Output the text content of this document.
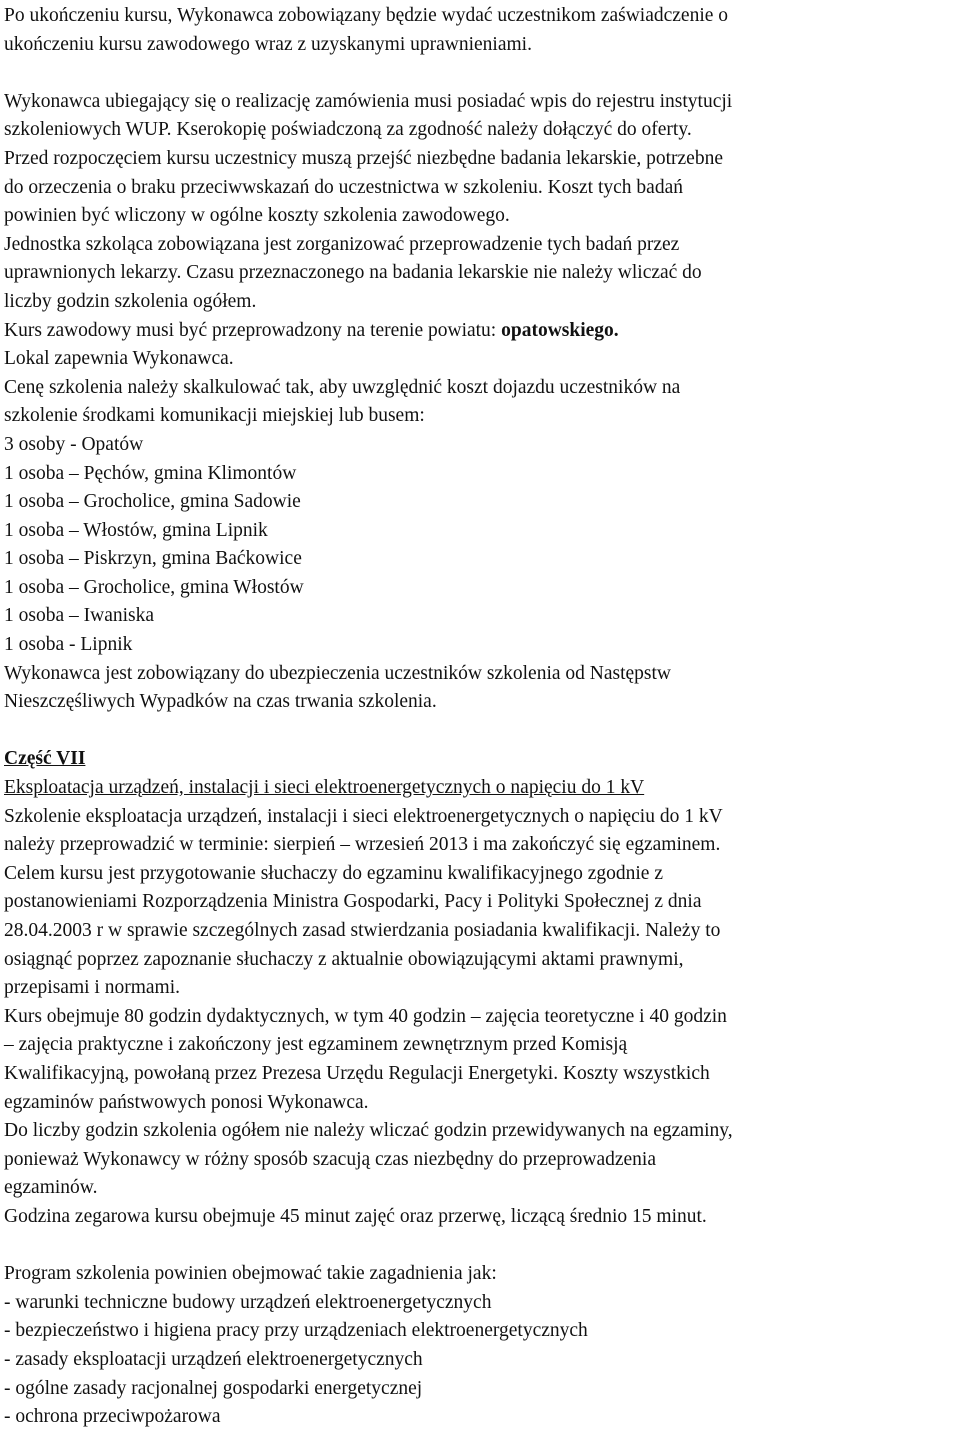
Po ukończeniu kursu, Wykonawca zobowiązany będzie wydać uczestnikom zaświadczenie o
ukończeniu kursu zawodowego wraz z uzyskanymi uprawnieniami.
Wykonawca ubiegający się o realizację zamówienia musi posiadać wpis do rejestru instytucji
szkoleniowych WUP. Kserokopię poświadczoną za zgodność należy dołączyć do oferty.
Przed rozpoczęciem kursu uczestnicy muszą przejść niezbędne badania lekarskie, potrzebne
do orzeczenia o braku przeciwwskazań do uczestnictwa w szkoleniu. Koszt tych badań
powinien być wliczony w ogólne koszty szkolenia zawodowego.
Jednostka szkoląca zobowiązana jest zorganizować przeprowadzenie tych badań przez
uprawnionych lekarzy. Czasu przeznaczonego na badania lekarskie nie należy wliczać do
liczby godzin szkolenia ogółem.
Kurs zawodowy musi być przeprowadzony na terenie powiatu: opatowskiego.
Lokal zapewnia Wykonawca.
Cenę szkolenia należy skalkulować tak, aby uwzględnić koszt dojazdu uczestników na
szkolenie środkami komunikacji miejskiej lub busem:
3 osoby - Opatów
1 osoba – Pęchów, gmina Klimontów
1 osoba – Grocholice, gmina Sadowie
1 osoba – Włostów, gmina Lipnik
1 osoba – Piskrzyn, gmina Baćkowice
1 osoba – Grocholice, gmina Włostów
1 osoba – Iwaniska
1 osoba - Lipnik
Wykonawca jest zobowiązany do ubezpieczenia uczestników szkolenia od Następstw
Nieszczęśliwych Wypadków na czas trwania szkolenia.
Część VII
Eksploatacja urządzeń, instalacji i sieci elektroenergetycznych o napięciu do 1 kV
Szkolenie eksploatacja urządzeń, instalacji i sieci elektroenergetycznych o napięciu do 1 kV
należy przeprowadzić w terminie: sierpień – wrzesień 2013 i ma zakończyć się egzaminem.
Celem kursu jest przygotowanie słuchaczy do egzaminu kwalifikacyjnego zgodnie z
postanowieniami Rozporządzenia Ministra Gospodarki, Pacy i Polityki Społecznej z dnia
28.04.2003 r w sprawie szczególnych zasad stwierdzania posiadania kwalifikacji. Należy to
osiągnąć poprzez zapoznanie słuchaczy z aktualnie obowiązującymi aktami prawnymi,
przepisami i normami.
Kurs obejmuje 80 godzin dydaktycznych, w tym 40 godzin – zajęcia teoretyczne i 40 godzin
– zajęcia praktyczne i zakończony jest egzaminem zewnętrznym przed Komisją
Kwalifikacyjną, powołaną przez Prezesa Urzędu Regulacji Energetyki. Koszty wszystkich
egzaminów państwowych ponosi Wykonawca.
Do liczby godzin szkolenia ogółem nie należy wliczać godzin przewidywanych na egzaminy,
ponieważ Wykonawcy w różny sposób szacują czas niezbędny do przeprowadzenia
egzaminów.
Godzina zegarowa kursu obejmuje 45 minut zajęć oraz przerwę, liczącą średnio 15 minut.
Program szkolenia powinien obejmować takie zagadnienia jak:
- warunki techniczne budowy urządzeń elektroenergetycznych
- bezpieczeństwo i higiena pracy przy urządzeniach elektroenergetycznych
- zasady eksploatacji urządzeń elektroenergetycznych
- ogólne zasady racjonalnej gospodarki energetycznej
- ochrona przeciwpożarowa
